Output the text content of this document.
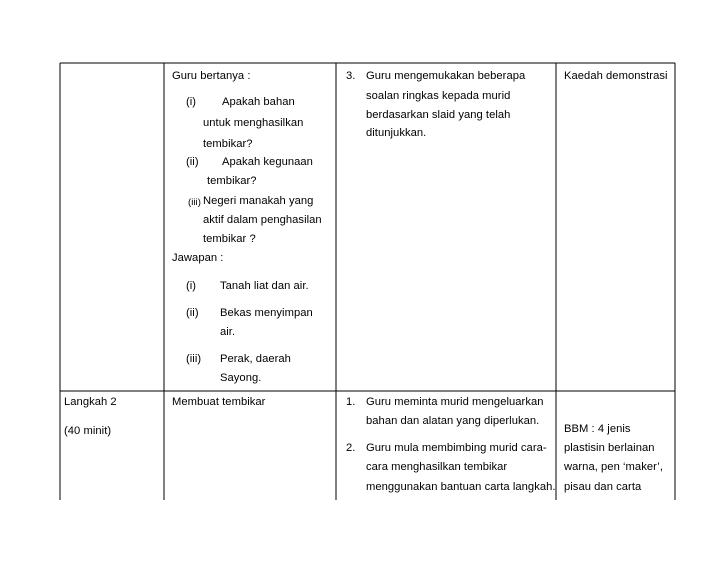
Guru bertanya :
(i) Apakah bahan
untuk menghasilkan
tembikar?
(ii) Apakah kegunaan
tembikar?
(iii) Negeri manakah yang
aktif dalam penghasilan
tembikar ?
Jawapan :
(i) Tanah liat dan air.
(ii) Bekas menyimpan
air.
(iii) Perak, daerah
Sayong.
3. Guru mengemukakan beberapa
soalan ringkas kepada murid
berdasarkan slaid yang telah
ditunjukkan.
Kaedah demonstrasi
Langkah 2
(40 minit)
Membuat tembikar	1. Guru meminta murid mengeluarkan
bahan dan alatan yang diperlukan.
2. Guru mula membimbing murid cara-
cara menghasilkan tembikar
menggunakan bantuan carta langkah.
BBM : 4 jenis
plastisin berlainan
warna, pen ‘maker’,
pisau dan carta
